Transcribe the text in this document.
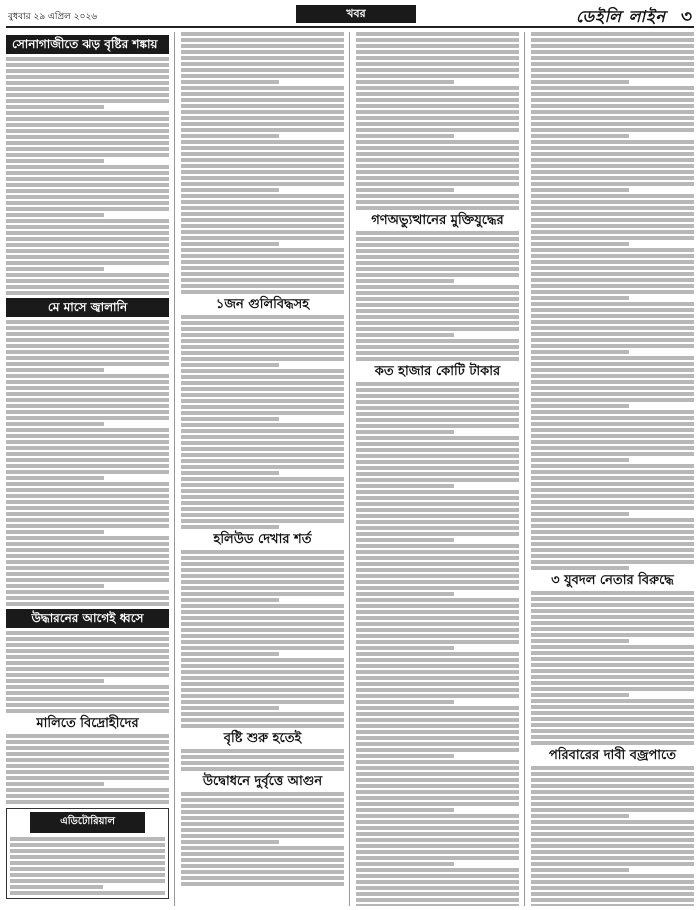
বুধবার ২৯ এপ্রিল ২০২৬	খবর	ডেইলি লাইন ৩
সোনাগাজীতে ঝড় বৃষ্টির শঙ্কায়
মে মাসে জ্বালানি
উদ্ধারনের আগেই ধ্বসে
মালিতে বিদ্রোহীদের
এডিটোরিয়াল
১জন গুলিবিদ্ধসহ
হলিউড দেখার শর্ত
বৃষ্টি শুরু হতেই
উদ্বোধনে দুর্বৃত্তে আগুন
গণঅভ্যুত্থানের মুক্তিযুদ্ধের
কত হাজার কোটি টাকার
৩ যুবদল নেতার বিরুদ্ধে
পরিবারের দাবী বজ্রপাতে
